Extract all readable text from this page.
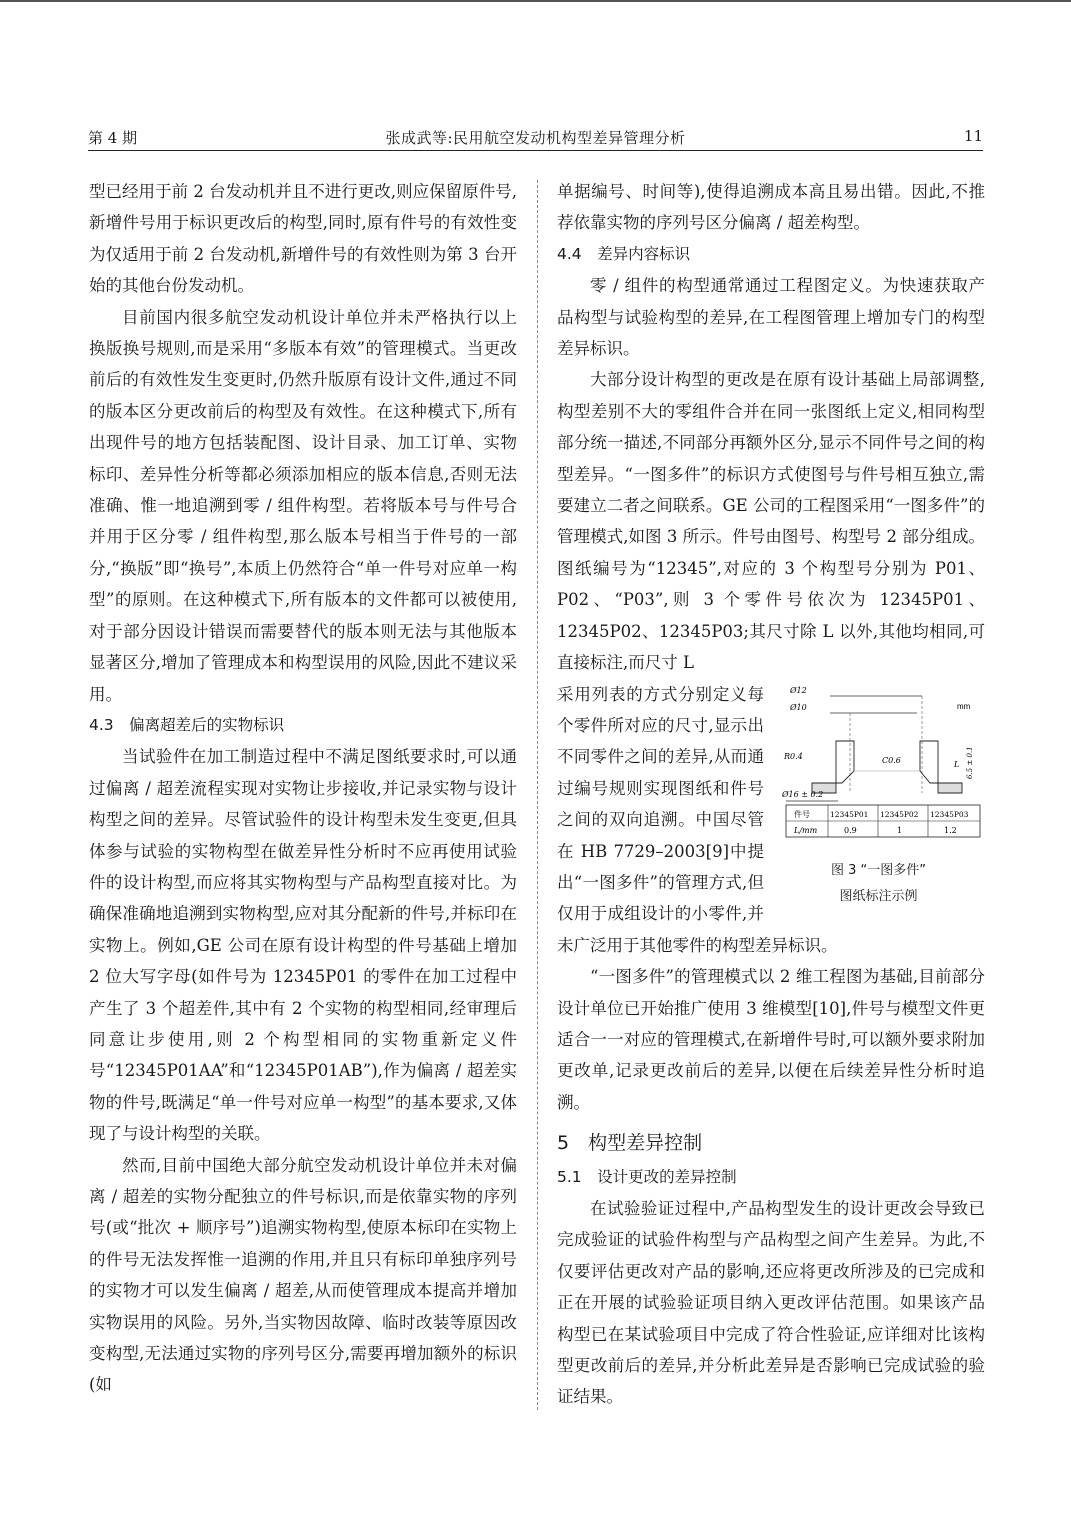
第 4 期	张成武等:民用航空发动机构型差异管理分析	11

型已经用于前 2 台发动机并且不进行更改,则应保留原件号,新增件号用于标识更改后的构型,同时,原有件号的有效性变为仅适用于前 2 台发动机,新增件号的有效性则为第 3 台开始的其他台份发动机。

目前国内很多航空发动机设计单位并未严格执行以上换版换号规则,而是采用“多版本有效”的管理模式。当更改前后的有效性发生变更时,仍然升版原有设计文件,通过不同的版本区分更改前后的构型及有效性。在这种模式下,所有出现件号的地方包括装配图、设计目录、加工订单、实物标印、差异性分析等都必须添加相应的版本信息,否则无法准确、惟一地追溯到零 / 组件构型。若将版本号与件号合并用于区分零 / 组件构型,那么版本号相当于件号的一部分,“换版”即“换号”,本质上仍然符合“单一件号对应单一构型”的原则。在这种模式下,所有版本的文件都可以被使用,对于部分因设计错误而需要替代的版本则无法与其他版本显著区分,增加了管理成本和构型误用的风险,因此不建议采用。

4.3　偏离超差后的实物标识

当试验件在加工制造过程中不满足图纸要求时,可以通过偏离 / 超差流程实现对实物让步接收,并记录实物与设计构型之间的差异。尽管试验件的设计构型未发生变更,但具体参与试验的实物构型在做差异性分析时不应再使用试验件的设计构型,而应将其实物构型与产品构型直接对比。为确保准确地追溯到实物构型,应对其分配新的件号,并标印在实物上。例如,GE 公司在原有设计构型的件号基础上增加 2 位大写字母(如件号为 12345P01 的零件在加工过程中产生了 3 个超差件,其中有 2 个实物的构型相同,经审理后同意让步使用,则 2 个构型相同的实物重新定义件号“12345P01AA”和“12345P01AB”),作为偏离 / 超差实物的件号,既满足“单一件号对应单一构型”的基本要求,又体现了与设计构型的关联。

然而,目前中国绝大部分航空发动机设计单位并未对偏离 / 超差的实物分配独立的件号标识,而是依靠实物的序列号(或“批次 + 顺序号”)追溯实物构型,使原本标印在实物上的件号无法发挥惟一追溯的作用,并且只有标印单独序列号的实物才可以发生偏离 / 超差,从而使管理成本提高并增加实物误用的风险。另外,当实物因故障、临时改装等原因改变构型,无法通过实物的序列号区分,需要再增加额外的标识(如

单据编号、时间等),使得追溯成本高且易出错。因此,不推荐依靠实物的序列号区分偏离 / 超差构型。

4.4　差异内容标识

零 / 组件的构型通常通过工程图定义。为快速获取产品构型与试验构型的差异,在工程图管理上增加专门的构型差异标识。

大部分设计构型的更改是在原有设计基础上局部调整,构型差别不大的零组件合并在同一张图纸上定义,相同构型部分统一描述,不同部分再额外区分,显示不同件号之间的构型差异。“一图多件”的标识方式使图号与件号相互独立,需要建立二者之间联系。GE 公司的工程图采用“一图多件”的管理模式,如图 3 所示。件号由图号、构型号 2 部分组成。图纸编号为“12345”,对应的 3 个构型号分别为 P01、P02、“P03”,则 3 个零件号依次为 12345P01、12345P02、12345P03;其尺寸除 L 以外,其他均相同,可直接标注,而尺寸 L

mm
Ø12
Ø10
R0.4	C0.6
Ø16 ± 0.2
L 6.5 ± 0.1
件号	12345P01 12345P02 12345P03
L/mm	0.9	1	1.2
图 3 “一图多件”
图纸标注示例

采用列表的方式分别定义每个零件所对应的尺寸,显示出不同零件之间的差异,从而通过编号规则实现图纸和件号之间的双向追溯。中国尽管在 HB 7729–2003[9]中提出“一图多件”的管理方式,但仅用于成组设计的小零件,并未广泛用于其他零件的构型差异标识。

“一图多件”的管理模式以 2 维工程图为基础,目前部分设计单位已开始推广使用 3 维模型[10],件号与模型文件更适合一一对应的管理模式,在新增件号时,可以额外要求附加更改单,记录更改前后的差异,以便在后续差异性分析时追溯。

5　构型差异控制

5.1　设计更改的差异控制

在试验验证过程中,产品构型发生的设计更改会导致已完成验证的试验件构型与产品构型之间产生差异。为此,不仅要评估更改对产品的影响,还应将更改所涉及的已完成和正在开展的试验验证项目纳入更改评估范围。如果该产品构型已在某试验项目中完成了符合性验证,应详细对比该构型更改前后的差异,并分析此差异是否影响已完成试验的验证结果。
